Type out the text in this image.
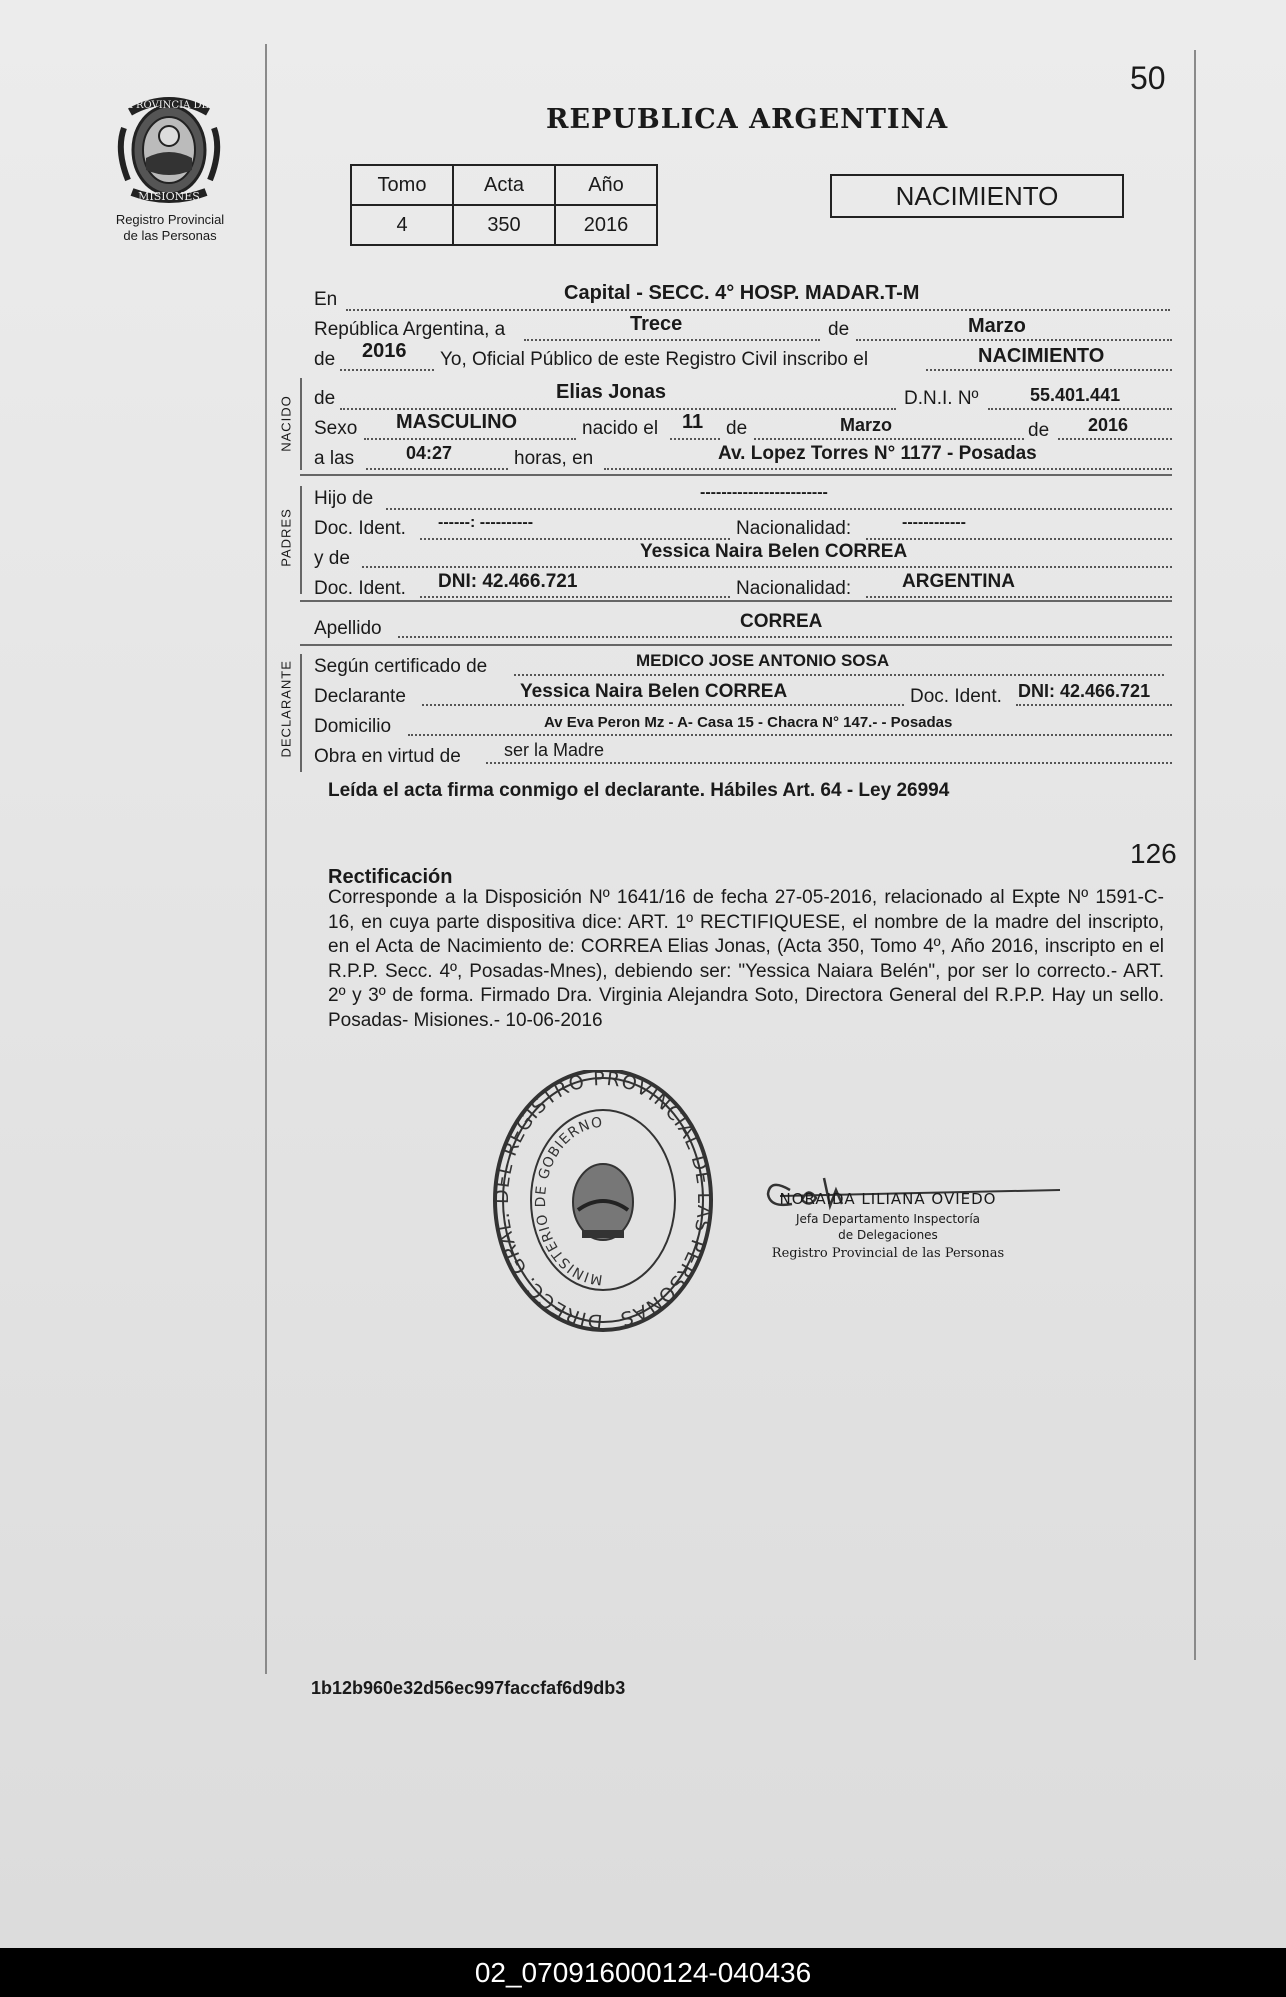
PROVINCIA DE
MISIONES
Registro Provincial
de las Personas
50
REPUBLICA ARGENTINA
Tomo	Acta	Año
4	350	2016
NACIMIENTO
En	Capital - SECC. 4° HOSP. MADAR.T-M
República Argentina, a	Trece	de	Marzo
de 2016 Yo, Oficial Público de este Registro Civil inscribo el	NACIMIENTO
NACIDO de	Elias Jonas	D.N.I. Nº	55.401.441
Sexo MASCULINO	nacido el 11 de	Marzo	de 2016
a las	04:27	horas, en	Av. Lopez Torres N° 1177 - Posadas
PADRES
Hijo de	------------------------
Doc. Ident. ------: ----------	Nacionalidad:	------------
y de	Yessica Naira Belen CORREA
Doc. Ident. DNI: 42.466.721	Nacionalidad:	ARGENTINA
Apellido	CORREA
DECLARANTE Según certificado de	MEDICO JOSE ANTONIO SOSA
Declarante	Yessica Naira Belen CORREA	Doc. Ident. DNI: 42.466.721
Domicilio	Av Eva Peron Mz - A- Casa 15 - Chacra N° 147.- - Posadas
Obra en virtud de ser la Madre
Leída el acta firma conmigo el declarante. Hábiles Art. 64 - Ley 26994
126
Rectificación
Corresponde a la Disposición Nº 1641/16 de fecha 27-05-2016, relacionado al Expte Nº 1591-C-16, en cuya parte dispositiva dice: ART. 1º RECTIFIQUESE, el nombre de la madre del inscripto, en el Acta de Nacimiento de: CORREA Elias Jonas, (Acta 350, Tomo 4º, Año 2016, inscripto en el R.P.P. Secc. 4º, Posadas-Mnes), debiendo ser: "Yessica Naiara Belén", por ser lo correcto.- ART. 2º y 3º de forma. Firmado Dra. Virginia Alejandra Soto, Directora General del R.P.P. Hay un sello. Posadas- Misiones.- 10-06-2016
DIRECC. GRAL. DEL REGISTRO PROVINCIAL DE LAS PERSONAS
MINISTERIO DE GOBIERNO
NORAIDA LILIANA OVIEDO
Jefa Departamento Inspectoría
de Delegaciones
Registro Provincial de las Personas
1b12b960e32d56ec997faccfaf6d9db3
02_070916000124-040436
